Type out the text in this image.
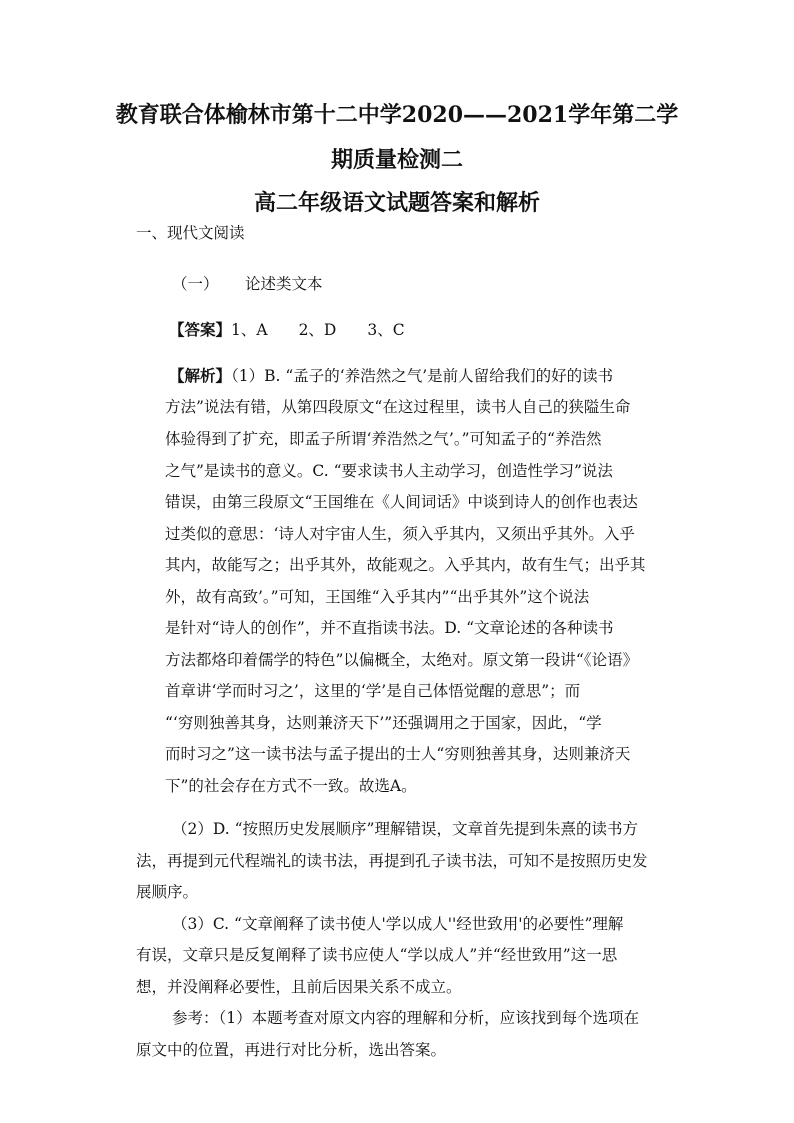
教育联合体榆林市第十二中学2020——2021学年第二学
期质量检测二
高二年级语文试题答案和解析

一、现代文阅读

（一） 论述类文本

【答案】1、A　　2、D　　3、C

【解析】（1）B. “孟子的‘养浩然之气’是前人留给我们的好的读书

方法”说法有错，从第四段原文“在这过程里，读书人自己的狭隘生命

体验得到了扩充，即孟子所谓‘养浩然之气’。”可知孟子的“养浩然

之气”是读书的意义。C. “要求读书人主动学习，创造性学习”说法

错误，由第三段原文“王国维在《人间词话》中谈到诗人的创作也表达

过类似的意思：‘诗人对宇宙人生，须入乎其内，又须出乎其外。入乎

其内，故能写之；出乎其外，故能观之。入乎其内，故有生气；出乎其

外，故有高致’。”可知，王国维“入乎其内”“出乎其外”这个说法

是针对“诗人的创作”，并不直指读书法。D. “文章论述的各种读书

方法都烙印着儒学的特色”以偏概全，太绝对。原文第一段讲“《论语》

首章讲‘学而时习之’，这里的‘学’是自己体悟觉醒的意思”；而

“‘穷则独善其身，达则兼济天下’”还强调用之于国家，因此，“学

而时习之”这一读书法与孟子提出的士人“穷则独善其身，达则兼济天

下”的社会存在方式不一致。故选A。

（2）D. “按照历史发展顺序”理解错误，文章首先提到朱熹的读书方

法，再提到元代程端礼的读书法，再提到孔子读书法，可知不是按照历史发

展顺序。

（3）C. “文章阐释了读书使人'学以成人''经世致用'的必要性”理解

有误，文章只是反复阐释了读书应使人“学以成人”并“经世致用”这一思

想，并没阐释必要性，且前后因果关系不成立。

参考：（1）本题考查对原文内容的理解和分析，应该找到每个选项在

原文中的位置，再进行对比分析，选出答案。
